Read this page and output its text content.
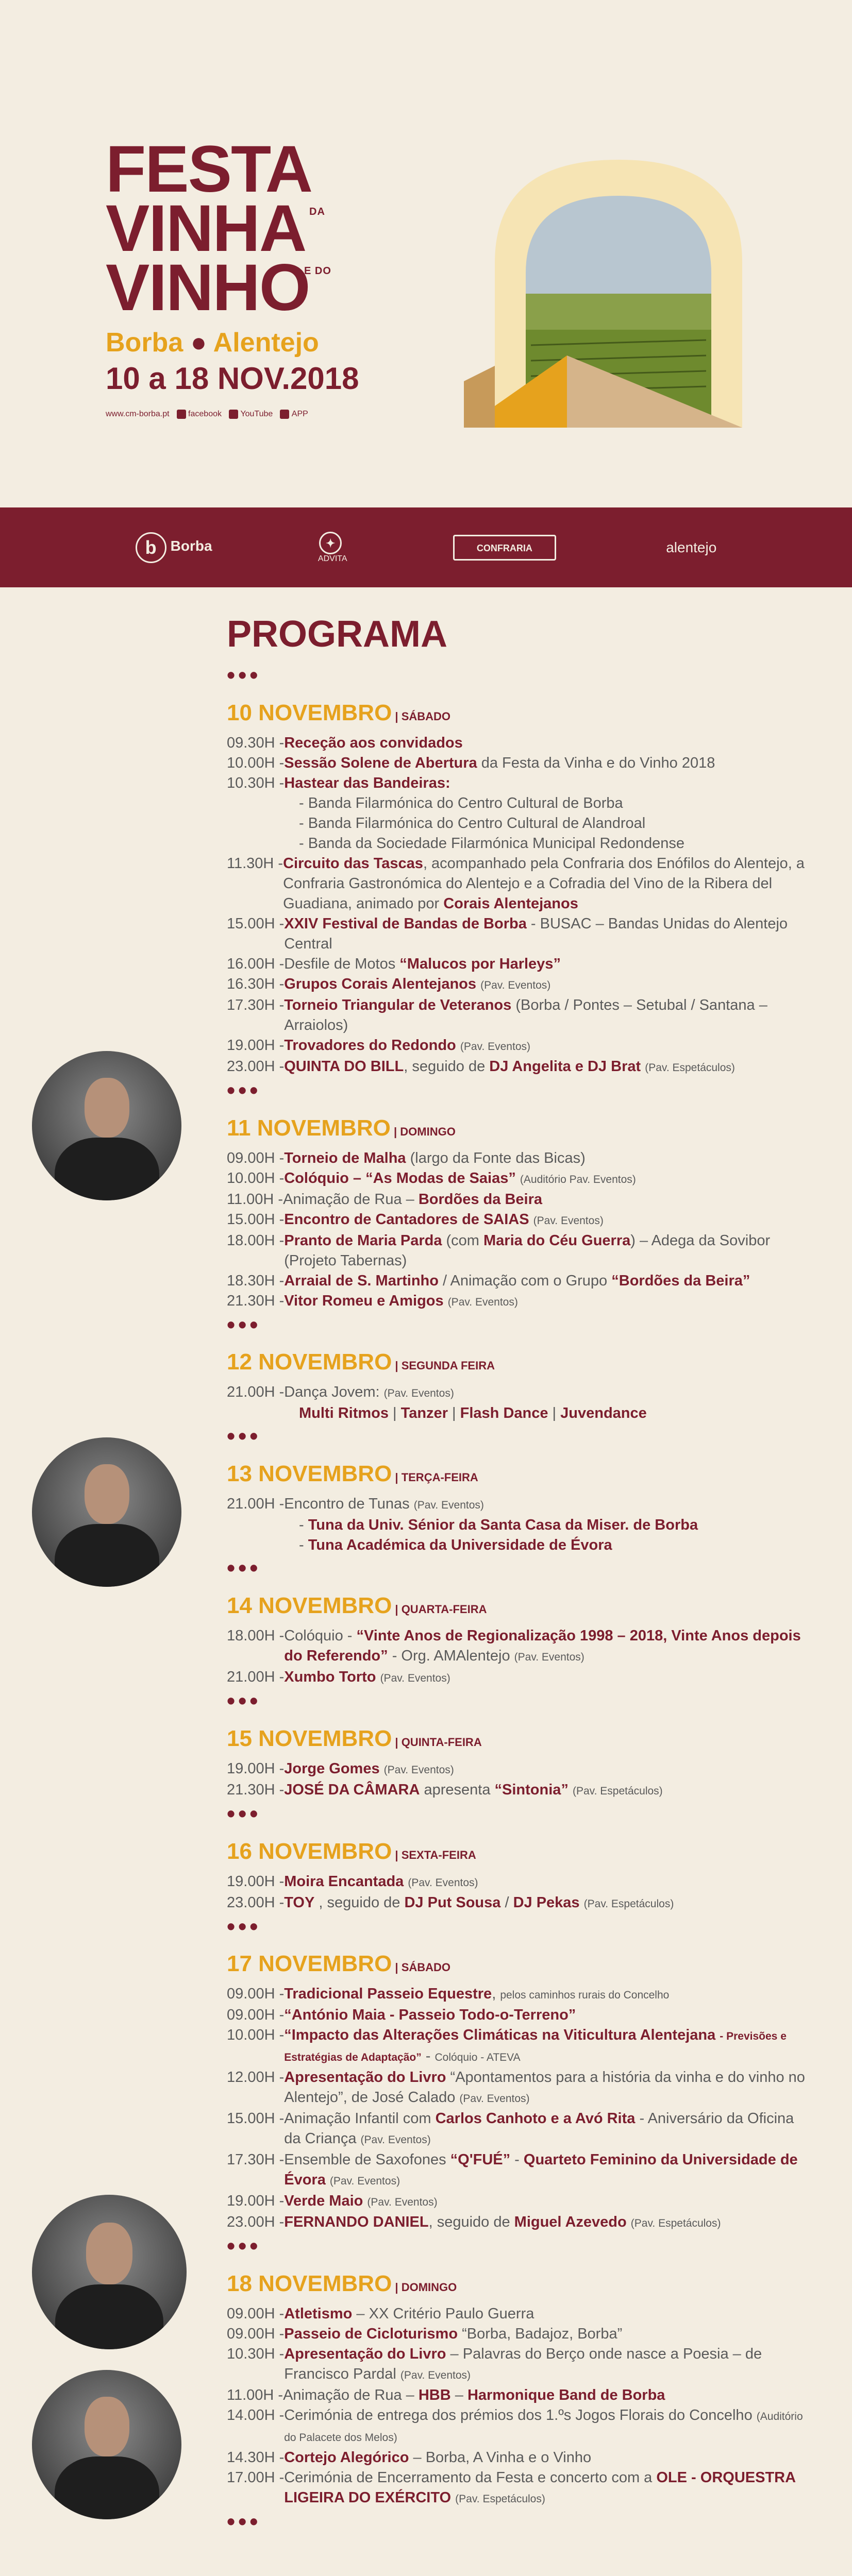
FESTA
VINHA DA
VINHO
E DO
Borba ● Alentejo
10 a 18 NOV.2018
www.cm-borba.pt	facebook	YouTube	APP
b Borba	✦
ADVITA
CONFRARIA	alentejo
PROGRAMA
•••
10 NOVEMBRO | SÁBADO
09.30H - Receção aos convidados
10.00H - Sessão Solene de Abertura da Festa da Vinha e do Vinho 2018
10.30H - Hastear das Bandeiras:
- Banda Filarmónica do Centro Cultural de Borba
- Banda Filarmónica do Centro Cultural de Alandroal
- Banda da Sociedade Filarmónica Municipal Redondense
11.30H - Circuito das Tascas, acompanhado pela Confraria dos Enófilos do Alentejo, a Confraria Gastronómica do Alentejo e a Cofradia del Vino de la Ribera del Guadiana, animado por Corais Alentejanos
15.00H - XXIV Festival de Bandas de Borba - BUSAC – Bandas Unidas do Alentejo Central
16.00H - Desfile de Motos “Malucos por Harleys”
16.30H - Grupos Corais Alentejanos (Pav. Eventos)
17.30H - Torneio Triangular de Veteranos (Borba / Pontes – Setubal / Santana – Arraiolos)
19.00H - Trovadores do Redondo (Pav. Eventos)
23.00H - QUINTA DO BILL, seguido de DJ Angelita e DJ Brat (Pav. Espetáculos)
•••
11 NOVEMBRO | DOMINGO
09.00H - Torneio de Malha (largo da Fonte das Bicas)
10.00H - Colóquio – “As Modas de Saias” (Auditório Pav. Eventos)
11.00H - Animação de Rua – Bordões da Beira
15.00H - Encontro de Cantadores de SAIAS (Pav. Eventos)
18.00H - Pranto de Maria Parda (com Maria do Céu Guerra) – Adega da Sovibor (Projeto Tabernas)
18.30H - Arraial de S. Martinho / Animação com o Grupo “Bordões da Beira”
21.30H - Vitor Romeu e Amigos (Pav. Eventos)
•••
12 NOVEMBRO | SEGUNDA FEIRA
21.00H - Dança Jovem: (Pav. Eventos)
Multi Ritmos | Tanzer | Flash Dance | Juvendance
•••
13 NOVEMBRO | TERÇA-FEIRA
21.00H - Encontro de Tunas (Pav. Eventos)
- Tuna da Univ. Sénior da Santa Casa da Miser. de Borba
- Tuna Académica da Universidade de Évora
•••
14 NOVEMBRO | QUARTA-FEIRA
18.00H - Colóquio - “Vinte Anos de Regionalização 1998 – 2018, Vinte Anos depois do Referendo” - Org. AMAlentejo (Pav. Eventos)
21.00H - Xumbo Torto (Pav. Eventos)
•••
15 NOVEMBRO | QUINTA-FEIRA
19.00H - Jorge Gomes (Pav. Eventos)
21.30H - JOSÉ DA CÂMARA apresenta “Sintonia” (Pav. Espetáculos)
•••
16 NOVEMBRO | SEXTA-FEIRA
19.00H - Moira Encantada (Pav. Eventos)
23.00H - TOY , seguido de DJ Put Sousa / DJ Pekas (Pav. Espetáculos)
•••
17 NOVEMBRO | SÁBADO
09.00H - Tradicional Passeio Equestre, pelos caminhos rurais do Concelho
09.00H - “António Maia - Passeio Todo-o-Terreno”
10.00H - “Impacto das Alterações Climáticas na Viticultura Alentejana - Previsões e Estratégias de Adaptação” - Colóquio - ATEVA
12.00H - Apresentação do Livro “Apontamentos para a história da vinha e do vinho no Alentejo”, de José Calado (Pav. Eventos)
15.00H - Animação Infantil com Carlos Canhoto e a Avó Rita - Aniversário da Oficina da Criança (Pav. Eventos)
17.30H - Ensemble de Saxofones “Q'FUÉ” - Quarteto Feminino da Universidade de Évora (Pav. Eventos)
19.00H - Verde Maio (Pav. Eventos)
23.00H - FERNANDO DANIEL, seguido de Miguel Azevedo (Pav. Espetáculos)
•••
18 NOVEMBRO | DOMINGO
09.00H - Atletismo – XX Critério Paulo Guerra
09.00H - Passeio de Cicloturismo “Borba, Badajoz, Borba”
10.30H - Apresentação do Livro – Palavras do Berço onde nasce a Poesia – de Francisco Pardal (Pav. Eventos)
11.00H - Animação de Rua – HBB – Harmonique Band de Borba
14.00H - Cerimónia de entrega dos prémios dos 1.ºs Jogos Florais do Concelho (Auditório do Palacete dos Melos)
14.30H - Cortejo Alegórico – Borba, A Vinha e o Vinho
17.00H - Cerimónia de Encerramento da Festa e concerto com a OLE - ORQUESTRA LIGEIRA DO EXÉRCITO (Pav. Espetáculos)
•••
